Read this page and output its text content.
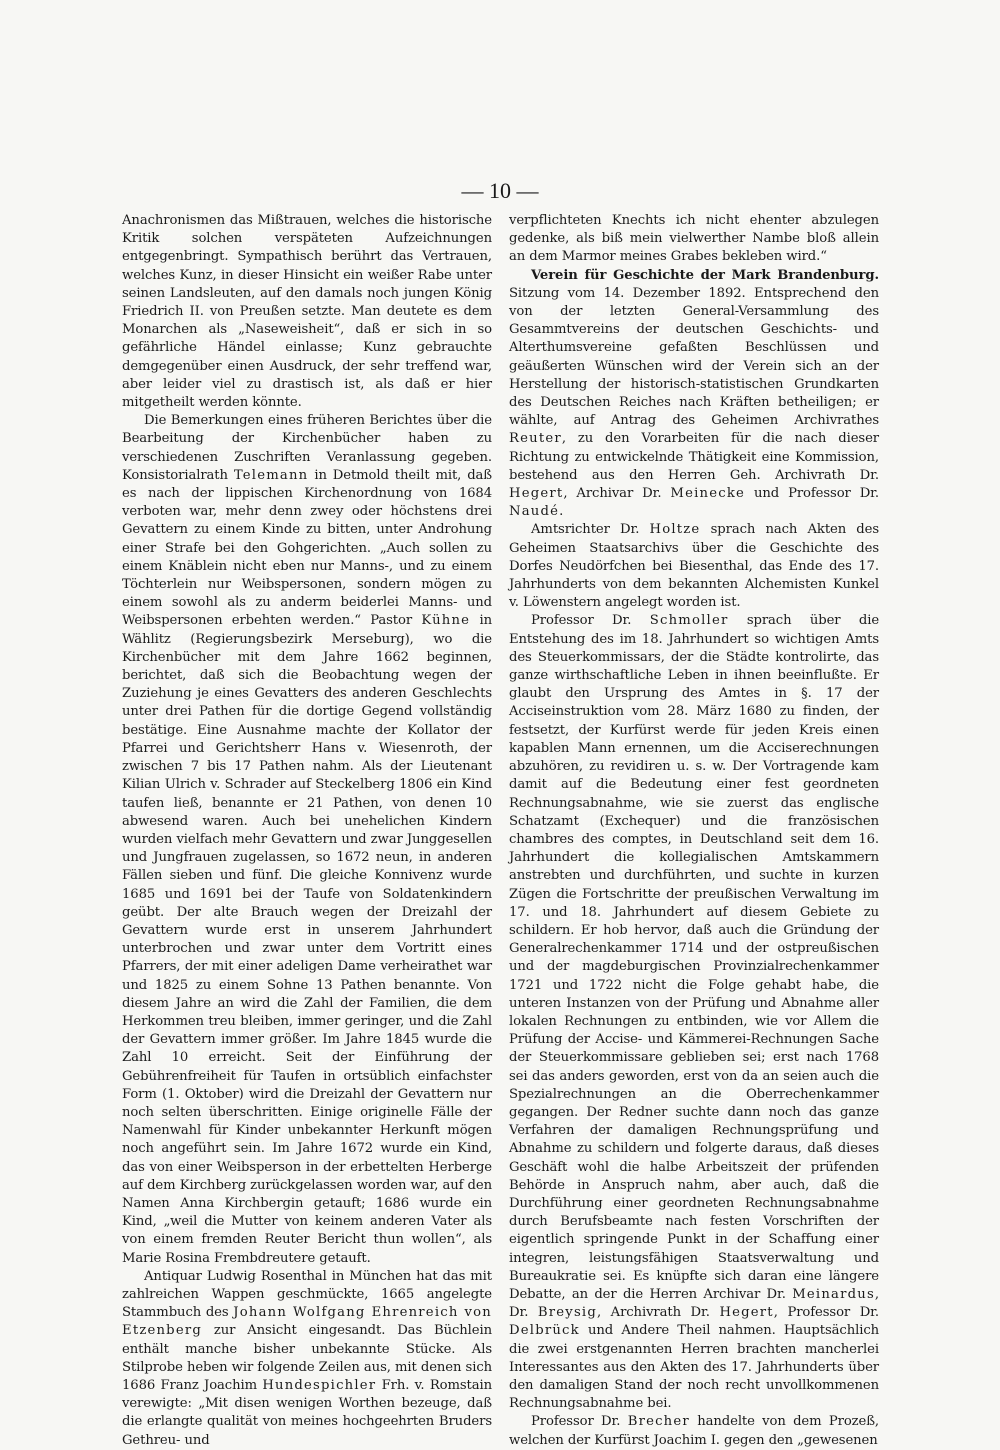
— 10 —

Anachronismen das Mißtrauen, welches die historische Kritik solchen verspäteten Aufzeichnungen entgegenbringt. Sympathisch berührt das Vertrauen, welches Kunz, in dieser Hinsicht ein weißer Rabe unter seinen Landsleuten, auf den damals noch jungen König Friedrich II. von Preußen setzte. Man deutete es dem Monarchen als „Naseweisheit“, daß er sich in so gefährliche Händel einlasse; Kunz gebrauchte demgegenüber einen Ausdruck, der sehr treffend war, aber leider viel zu drastisch ist, als daß er hier mitgetheilt werden könnte.

Die Bemerkungen eines früheren Berichtes über die Bearbeitung der Kirchenbücher haben zu verschiedenen Zuschriften Veranlassung gegeben. Konsistorialrath Telemann in Detmold theilt mit, daß es nach der lippischen Kirchenordnung von 1684 verboten war, mehr denn zwey oder höchstens drei Gevattern zu einem Kinde zu bitten, unter Androhung einer Strafe bei den Gohgerichten. „Auch sollen zu einem Knäblein nicht eben nur Manns-, und zu einem Töchterlein nur Weibspersonen, sondern mögen zu einem sowohl als zu anderm beiderlei Manns- und Weibspersonen erbehten werden.“ Pastor Kühne in Wählitz (Regierungsbezirk Merseburg), wo die Kirchenbücher mit dem Jahre 1662 beginnen, berichtet, daß sich die Beobachtung wegen der Zuziehung je eines Gevatters des anderen Geschlechts unter drei Pathen für die dortige Gegend vollständig bestätige. Eine Ausnahme machte der Kollator der Pfarrei und Gerichtsherr Hans v. Wiesenroth, der zwischen 7 bis 17 Pathen nahm. Als der Lieutenant Kilian Ulrich v. Schrader auf Steckelberg 1806 ein Kind taufen ließ, benannte er 21 Pathen, von denen 10 abwesend waren. Auch bei unehelichen Kindern wurden vielfach mehr Gevattern und zwar Junggesellen und Jungfrauen zugelassen, so 1672 neun, in anderen Fällen sieben und fünf. Die gleiche Konnivenz wurde 1685 und 1691 bei der Taufe von Soldatenkindern geübt. Der alte Brauch wegen der Dreizahl der Gevattern wurde erst in unserem Jahrhundert unterbrochen und zwar unter dem Vortritt eines Pfarrers, der mit einer adeligen Dame verheirathet war und 1825 zu einem Sohne 13 Pathen benannte. Von diesem Jahre an wird die Zahl der Familien, die dem Herkommen treu bleiben, immer geringer, und die Zahl der Gevattern immer größer. Im Jahre 1845 wurde die Zahl 10 erreicht. Seit der Einführung der Gebührenfreiheit für Taufen in ortsüblich einfachster Form (1. Oktober) wird die Dreizahl der Gevattern nur noch selten überschritten. Einige originelle Fälle der Namenwahl für Kinder unbekannter Herkunft mögen noch angeführt sein. Im Jahre 1672 wurde ein Kind, das von einer Weibsperson in der erbettelten Herberge auf dem Kirchberg zurückgelassen worden war, auf den Namen Anna Kirchbergin getauft; 1686 wurde ein Kind, „weil die Mutter von keinem anderen Vater als von einem fremden Reuter Bericht thun wollen“, als Marie Rosina Frembdreutere getauft.

Antiquar Ludwig Rosenthal in München hat das mit zahlreichen Wappen geschmückte, 1665 angelegte Stammbuch des Johann Wolfgang Ehrenreich von Etzenberg zur Ansicht eingesandt. Das Büchlein enthält manche bisher unbekannte Stücke. Als Stilprobe heben wir folgende Zeilen aus, mit denen sich 1686 Franz Joachim Hundespichler Frh. v. Romstain verewigte: „Mit disen wenigen Worthen bezeuge, daß die erlangte qualität von meines hochgeehrten Bruders Gethreu- und

verpflichteten Knechts ich nicht ehenter abzulegen gedenke, als biß mein vielwerther Nambe bloß allein an dem Marmor meines Grabes bekleben wird.“

Verein für Geschichte der Mark Brandenburg. Sitzung vom 14. Dezember 1892. Entsprechend den von der letzten General-Versammlung des Gesammtvereins der deutschen Geschichts- und Alterthumsvereine gefaßten Beschlüssen und geäußerten Wünschen wird der Verein sich an der Herstellung der historisch-statistischen Grundkarten des Deutschen Reiches nach Kräften betheiligen; er wählte, auf Antrag des Geheimen Archivrathes Reuter, zu den Vorarbeiten für die nach dieser Richtung zu entwickelnde Thätigkeit eine Kommission, bestehend aus den Herren Geh. Archivrath Dr. Hegert, Archivar Dr. Meinecke und Professor Dr. Naudé.

Amtsrichter Dr. Holtze sprach nach Akten des Geheimen Staatsarchivs über die Geschichte des Dorfes Neudörfchen bei Biesenthal, das Ende des 17. Jahrhunderts von dem bekannten Alchemisten Kunkel v. Löwenstern angelegt worden ist.

Professor Dr. Schmoller sprach über die Entstehung des im 18. Jahrhundert so wichtigen Amts des Steuerkommissars, der die Städte kontrolirte, das ganze wirthschaftliche Leben in ihnen beeinflußte. Er glaubt den Ursprung des Amtes in §. 17 der Acciseinstruktion vom 28. März 1680 zu finden, der festsetzt, der Kurfürst werde für jeden Kreis einen kapablen Mann ernennen, um die Acciserechnungen abzuhören, zu revidiren u. s. w. Der Vortragende kam damit auf die Bedeutung einer fest geordneten Rechnungsabnahme, wie sie zuerst das englische Schatzamt (Exchequer) und die französischen chambres des comptes, in Deutschland seit dem 16. Jahrhundert die kollegialischen Amtskammern anstrebten und durchführten, und suchte in kurzen Zügen die Fortschritte der preußischen Verwaltung im 17. und 18. Jahrhundert auf diesem Gebiete zu schildern. Er hob hervor, daß auch die Gründung der Generalrechenkammer 1714 und der ostpreußischen und der magdeburgischen Provinzialrechenkammer 1721 und 1722 nicht die Folge gehabt habe, die unteren Instanzen von der Prüfung und Abnahme aller lokalen Rechnungen zu entbinden, wie vor Allem die Prüfung der Accise- und Kämmerei-Rechnungen Sache der Steuerkommissare geblieben sei; erst nach 1768 sei das anders geworden, erst von da an seien auch die Spezialrechnungen an die Oberrechenkammer gegangen. Der Redner suchte dann noch das ganze Verfahren der damaligen Rechnungsprüfung und Abnahme zu schildern und folgerte daraus, daß dieses Geschäft wohl die halbe Arbeitszeit der prüfenden Behörde in Anspruch nahm, aber auch, daß die Durchführung einer geordneten Rechnungsabnahme durch Berufsbeamte nach festen Vorschriften der eigentlich springende Punkt in der Schaffung einer integren, leistungsfähigen Staatsverwaltung und Bureaukratie sei. Es knüpfte sich daran eine längere Debatte, an der die Herren Archivar Dr. Meinardus, Dr. Breysig, Archivrath Dr. Hegert, Professor Dr. Delbrück und Andere Theil nahmen. Hauptsächlich die zwei erstgenannten Herren brachten mancherlei Interessantes aus den Akten des 17. Jahrhunderts über den damaligen Stand der noch recht unvollkommenen Rechnungsabnahme bei.

Professor Dr. Brecher handelte von dem Prozeß, welchen der Kurfürst Joachim I. gegen den „gewesenen
